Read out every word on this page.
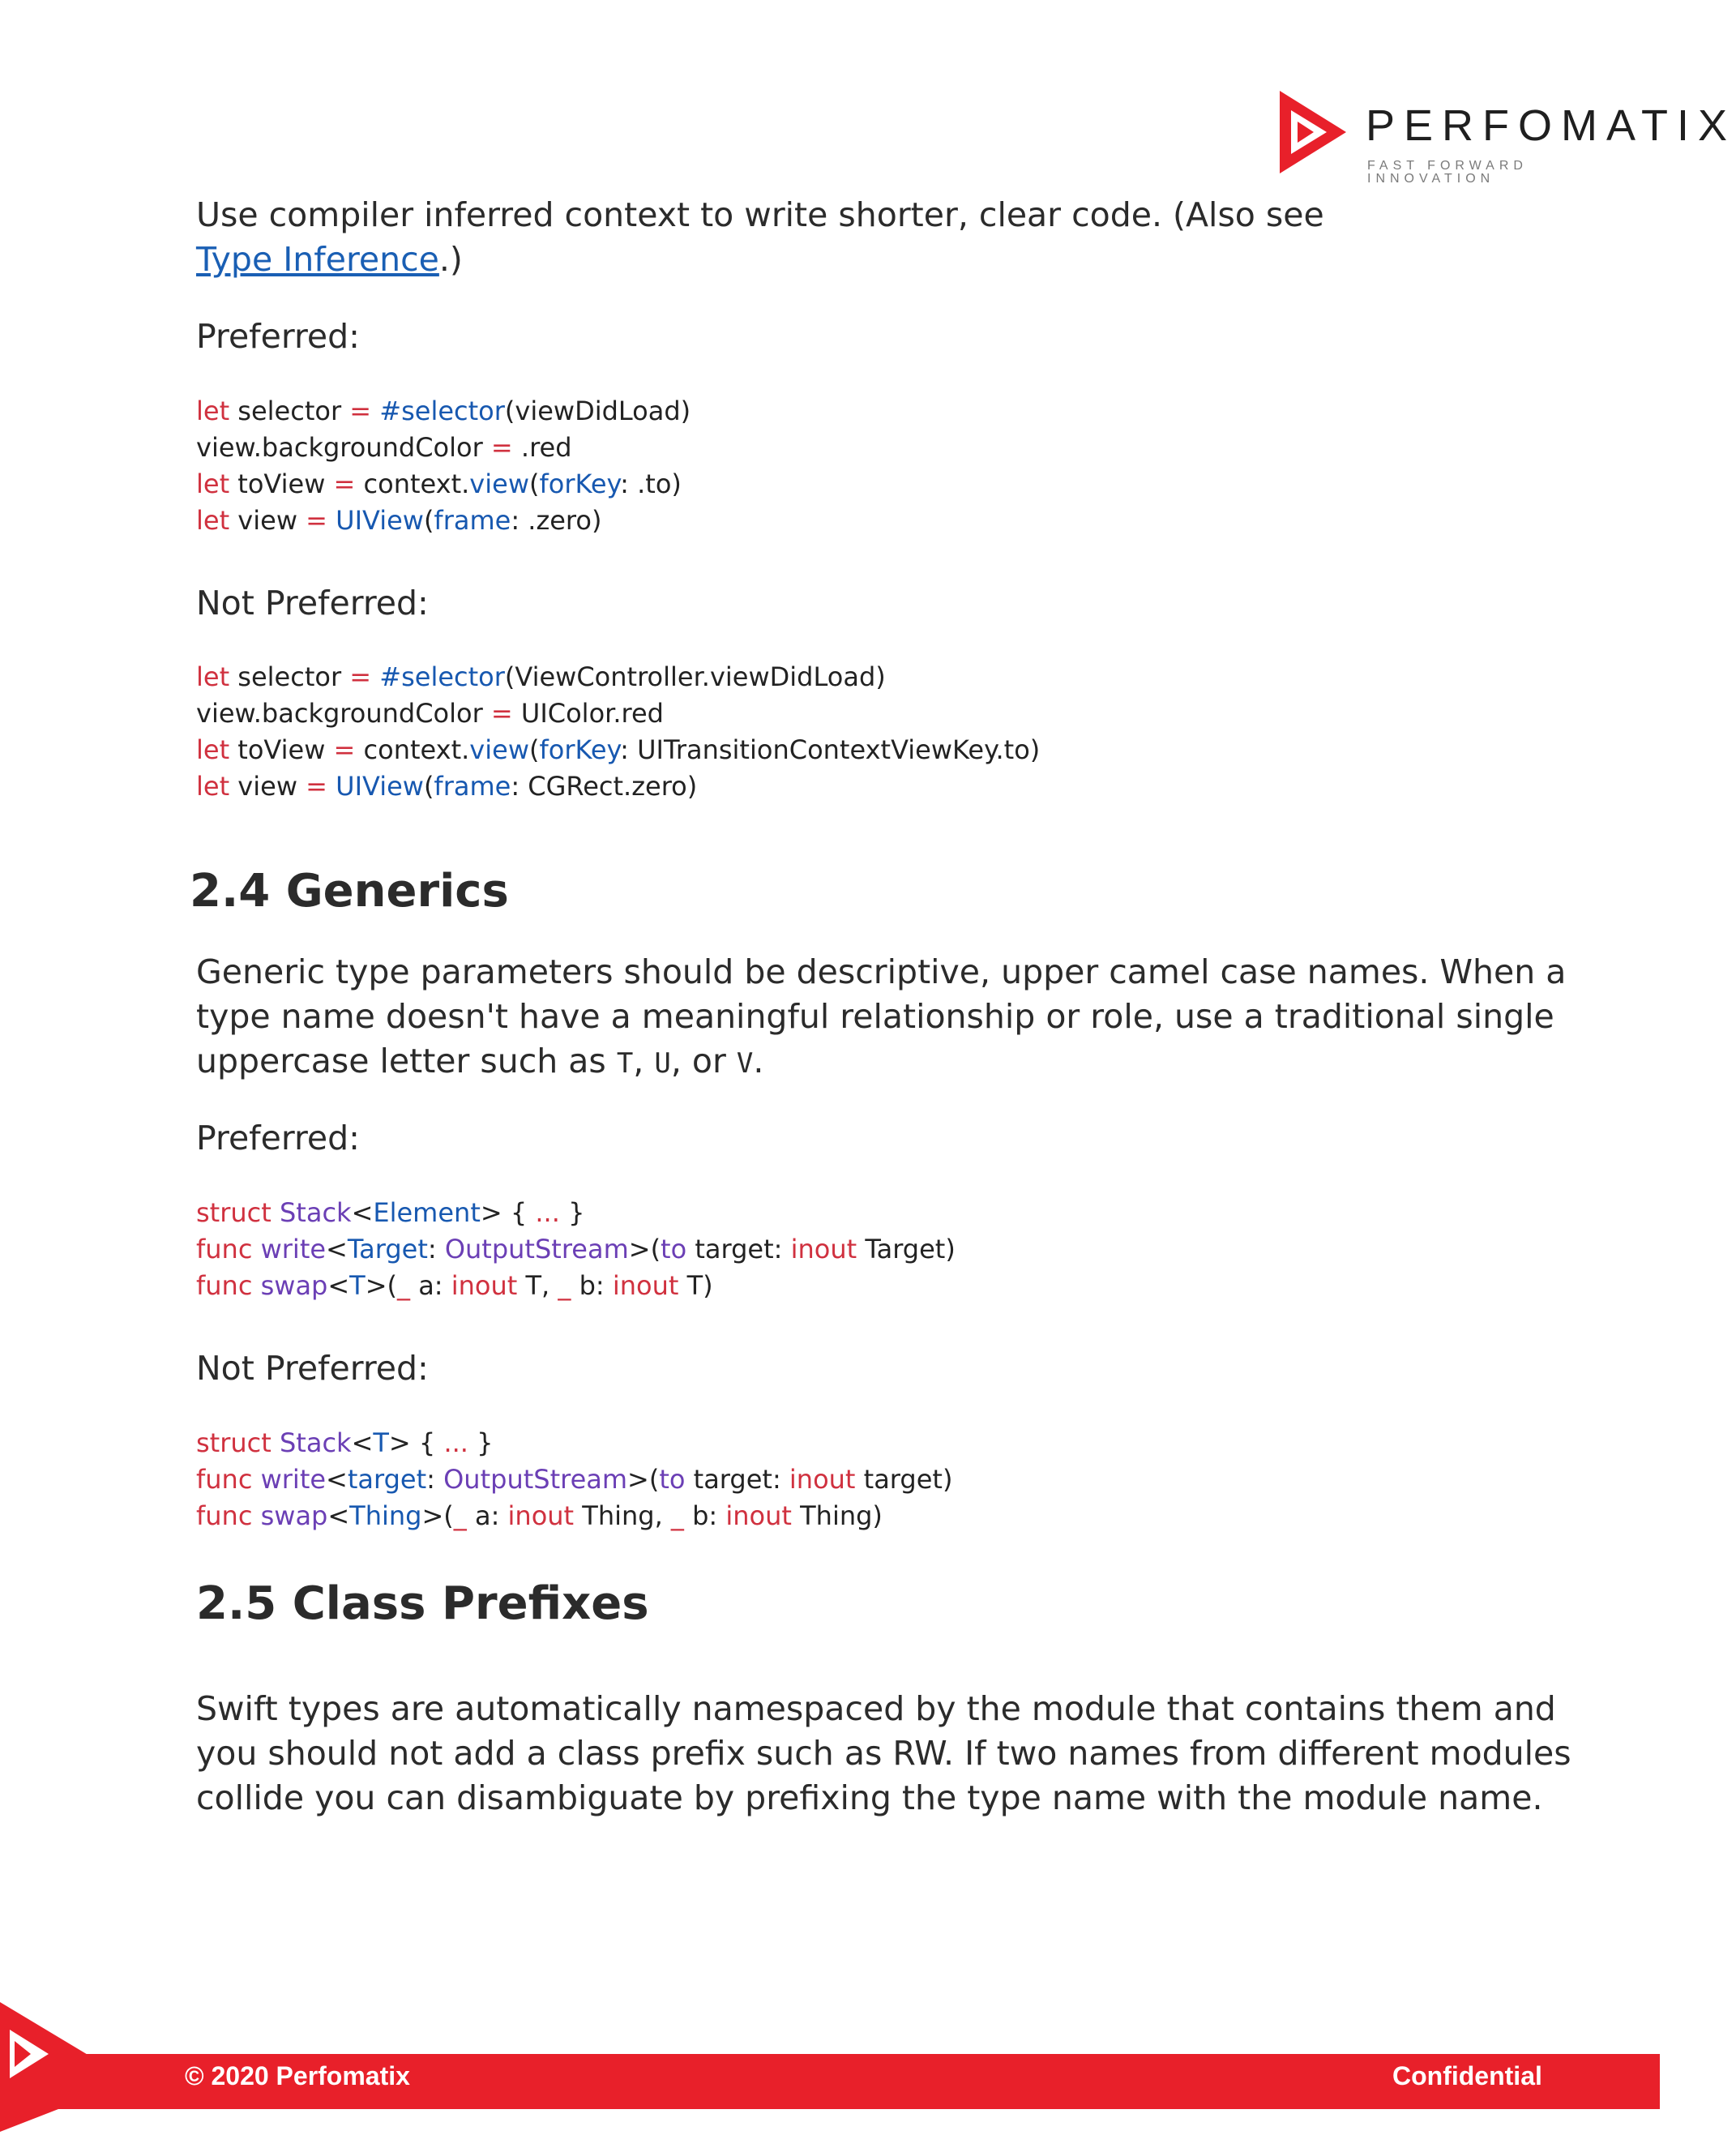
PERFOMATIX
FAST FORWARD INNOVATION
Use compiler inferred context to write shorter, clear code. (Also see
Type Inference.)
Preferred:
let selector = #selector(viewDidLoad)
view.backgroundColor = .red
let toView = context.view(forKey: .to)
let view = UIView(frame: .zero)
Not Preferred:
let selector = #selector(ViewController.viewDidLoad)
view.backgroundColor = UIColor.red
let toView = context.view(forKey: UITransitionContextViewKey.to)
let view = UIView(frame: CGRect.zero)
2.4 Generics
Generic type parameters should be descriptive, upper camel case names. When a
type name doesn't have a meaningful relationship or role, use a traditional single
uppercase letter such as T, U, or V.
Preferred:
struct Stack<Element> { ... }
func write<Target: OutputStream>(to target: inout Target)
func swap<T>(_ a: inout T, _ b: inout T)
Not Preferred:
struct Stack<T> { ... }
func write<target: OutputStream>(to target: inout target)
func swap<Thing>(_ a: inout Thing, _ b: inout Thing)
2.5 Class Prefixes
Swift types are automatically namespaced by the module that contains them and
you should not add a class prefix such as RW. If two names from different modules
collide you can disambiguate by prefixing the type name with the module name.
© 2020 Perfomatix	Confidential
